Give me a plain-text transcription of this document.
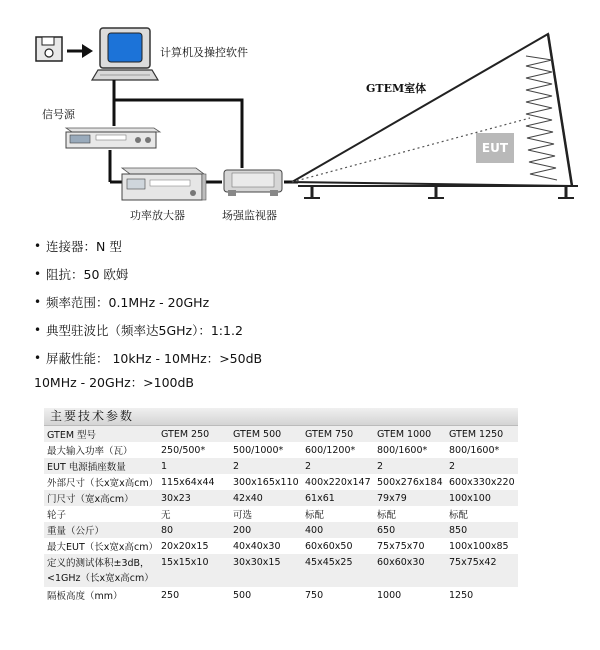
计算机及操控软件
信号源
功率放大器	场强监视器
GTEM室体
EUT
• 连接器：N 型
• 阻抗：50 欧姆
• 频率范围：0.1MHz - 20GHz
• 典型驻波比（频率达5GHz）：1:1.2
• 屏蔽性能： 10kHz - 10MHz：>50dB
10MHz - 20GHz：>100dB
主要技术参数
GTEM 型号	GTEM 250	GTEM 500	GTEM 750	GTEM 1000	GTEM 1250
最大输入功率（瓦）	250/500*	500/1000*	600/1200*	800/1600*	800/1600*
EUT 电源插座数量	1	2	2	2	2
外部尺寸（长x宽x高cm）	115x64x44	300x165x110	400x220x147	500x276x184	600x330x220
门尺寸（宽x高cm）	30x23	42x40	61x61	79x79	100x100
轮子	无	可选	标配	标配	标配
重量（公斤）	80	200	400	650	850
最大EUT（长x宽x高cm）	20x20x15	40x40x30	60x60x50	75x75x70	100x100x85
定义的测试体积±3dB，
<1GHz（长x宽x高cm）	15x15x10	30x30x15	45x45x25	60x60x30	75x75x42
隔板高度（mm）	250	500	750	1000	1250
